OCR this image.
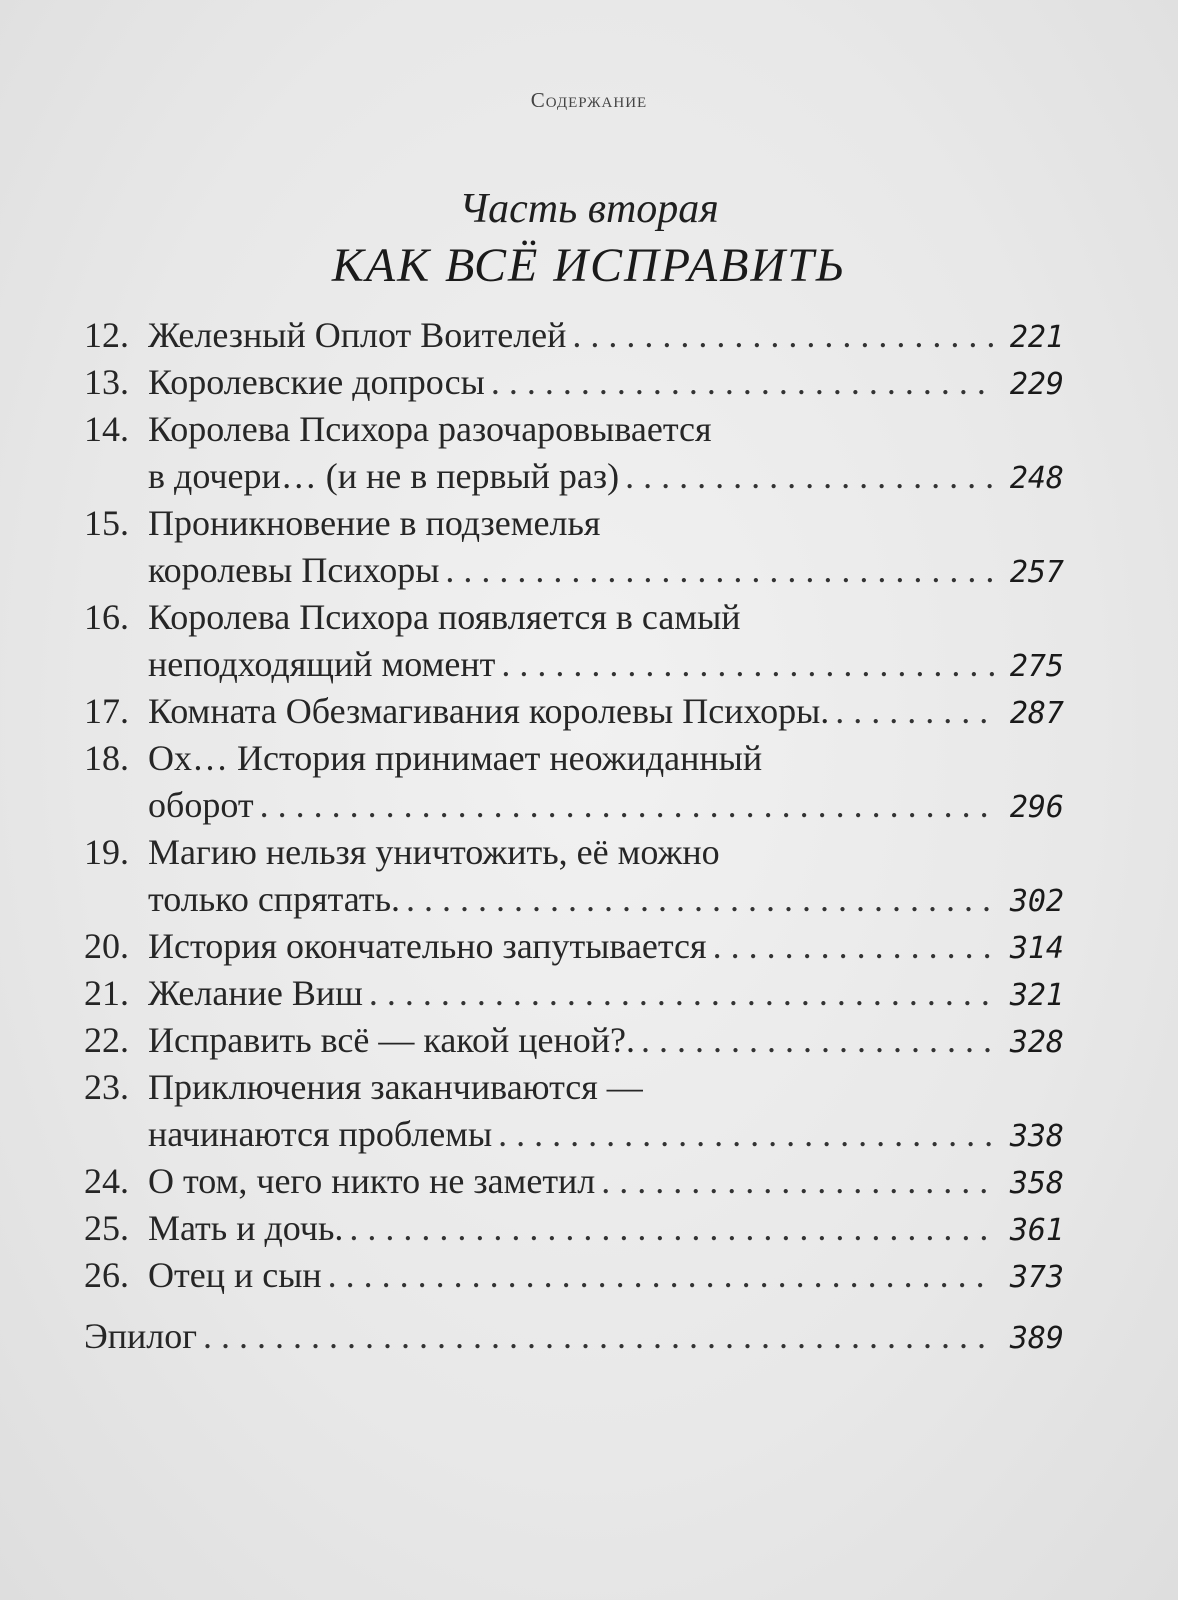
Содержание
Часть вторая
КАК ВСЁ ИСПРАВИТЬ
12. Железный Оплот Воителей . . .	221
13. Королевские допросы . . .	229
14. Королева Психора разочаровывается
в дочери… (и не в первый раз) . . .	248
15. Проникновение в подземелья
королевы Психоры . . .	257
16. Королева Психора появляется в самый
неподходящий момент . . .	275
17. Комната Обезмагивания королевы Психоры. . . .	287
18. Ох… История принимает неожиданный
оборот . . .	296
19. Магию нельзя уничтожить, её можно
только спрятать. . . .	302
20. История окончательно запутывается . . .	314
21. Желание Виш . . .	321
22. Исправить всё — какой ценой?. . . .	328
23. Приключения заканчиваются —
начинаются проблемы . . .	338
24. О том, чего никто не заметил . . .	358
25. Мать и дочь. . . .	361
26. Отец и сын . . .	373
Эпилог . . .	389
